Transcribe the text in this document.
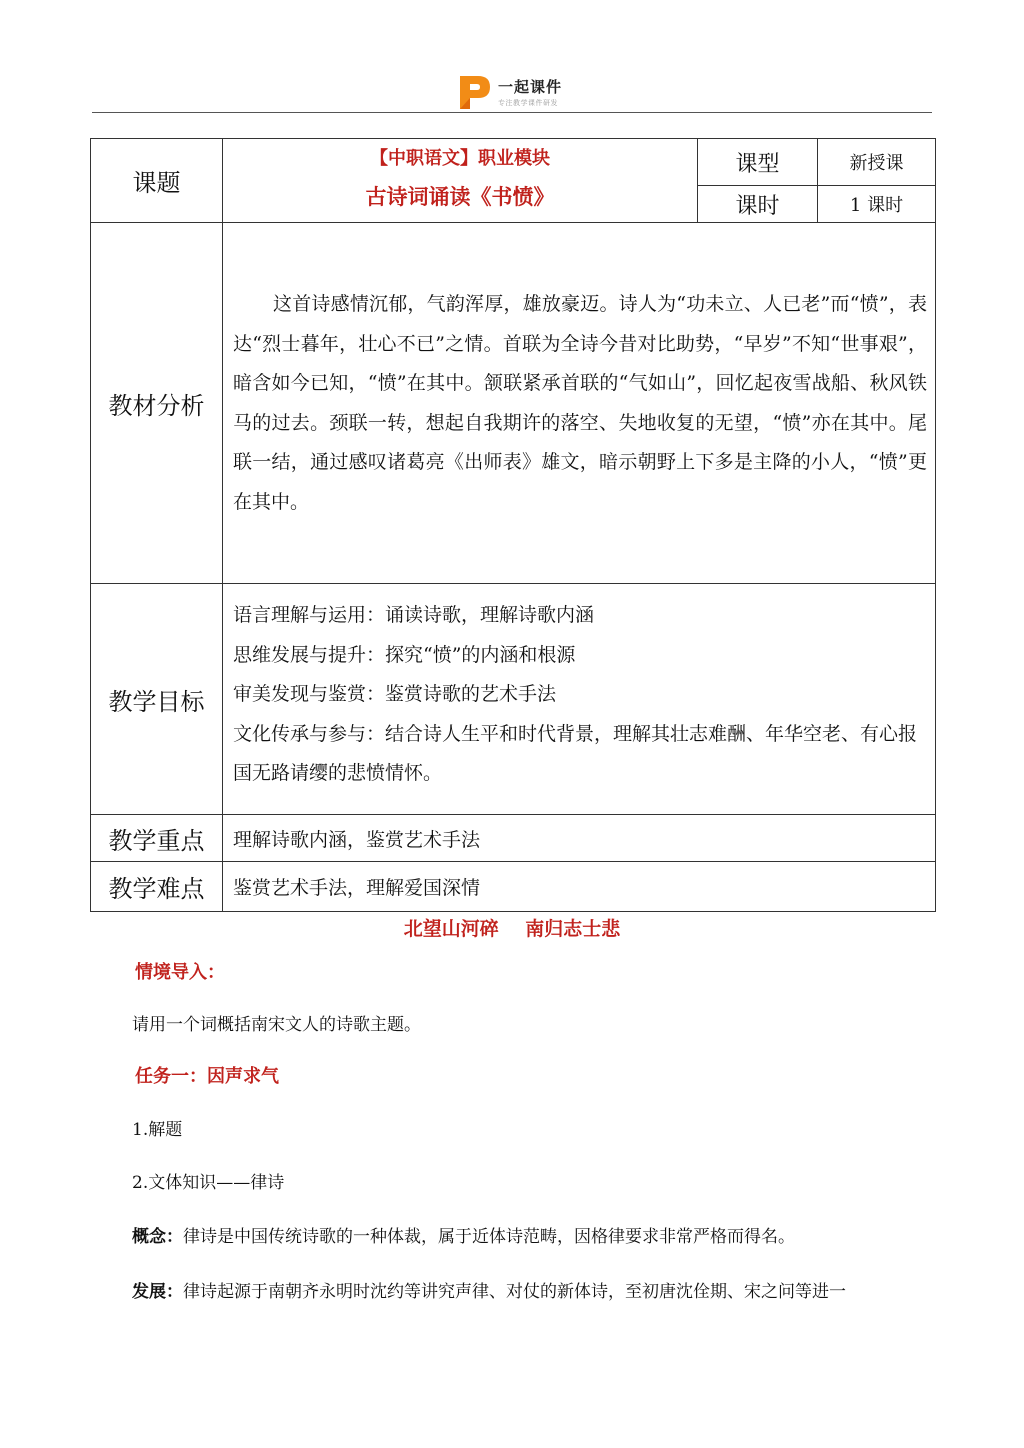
一起课件
专注教学课件研发
课题	【中职语文】职业模块
古诗词诵读《书愤》	课型	新授课
		课时	1 课时
教材分析	这首诗感情沉郁，气韵浑厚，雄放豪迈。诗人为“功未立、人已老”而“愤”，表达“烈士暮年，壮心不已”之情。首联为全诗今昔对比助势，“早岁”不知“世事艰”，暗含如今已知，“愤”在其中。颔联紧承首联的“气如山”，回忆起夜雪战船、秋风铁马的过去。颈联一转，想起自我期许的落空、失地收复的无望，“愤”亦在其中。尾联一结，通过感叹诸葛亮《出师表》雄文，暗示朝野上下多是主降的小人，“愤”更在其中。		

教学目标	语言理解与运用：诵读诗歌，理解诗歌内涵
思维发展与提升：探究“愤”的内涵和根源
审美发现与鉴赏：鉴赏诗歌的艺术手法
文化传承与参与：结合诗人生平和时代背景，理解其壮志难酬、年华空老、有心报国无路请缨的悲愤情怀。		

教学重点	理解诗歌内涵，鉴赏艺术手法		
教学难点	鉴赏艺术手法，理解爱国深情		
北望山河碎    南归志士悲
情境导入：
请用一个词概括南宋文人的诗歌主题。
任务一：因声求气
1.解题
2.文体知识——律诗
概念：律诗是中国传统诗歌的一种体裁，属于近体诗范畴，因格律要求非常严格而得名。
发展：律诗起源于南朝齐永明时沈约等讲究声律、对仗的新体诗，至初唐沈佺期、宋之问等进一
